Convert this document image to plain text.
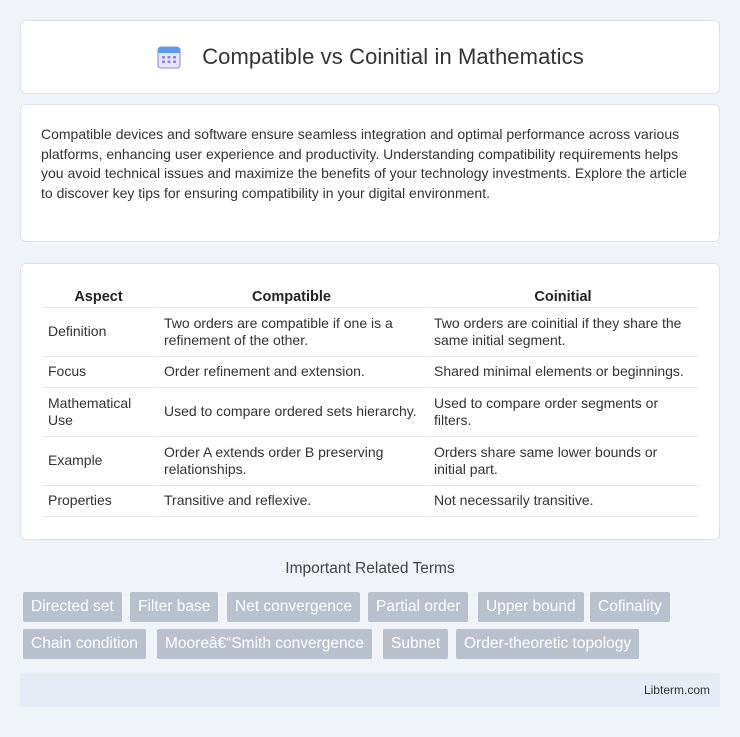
Compatible vs Coinitial in Mathematics

Compatible devices and software ensure seamless integration and optimal performance across various platforms, enhancing user experience and productivity. Understanding compatibility requirements helps you avoid technical issues and maximize the benefits of your technology investments. Explore the article to discover key tips for ensuring compatibility in your digital environment.

Aspect	Compatible	Coinitial
Definition	Two orders are compatible if one is a refinement of the other.	Two orders are coinitial if they share the same initial segment.
Focus	Order refinement and extension.	Shared minimal elements or beginnings.
Mathematical Use	Used to compare ordered sets hierarchy.	Used to compare order segments or filters.
Example	Order A extends order B preserving relationships.	Orders share same lower bounds or initial part.
Properties	Transitive and reflexive.	Not necessarily transitive.
Important Related Terms
Directed set	Filter base	Net convergence	Partial order	Upper bound	Cofinality
Chain condition	Mooreâ€“Smith convergence	Subnet	Order-theoretic topology
Libterm.com
